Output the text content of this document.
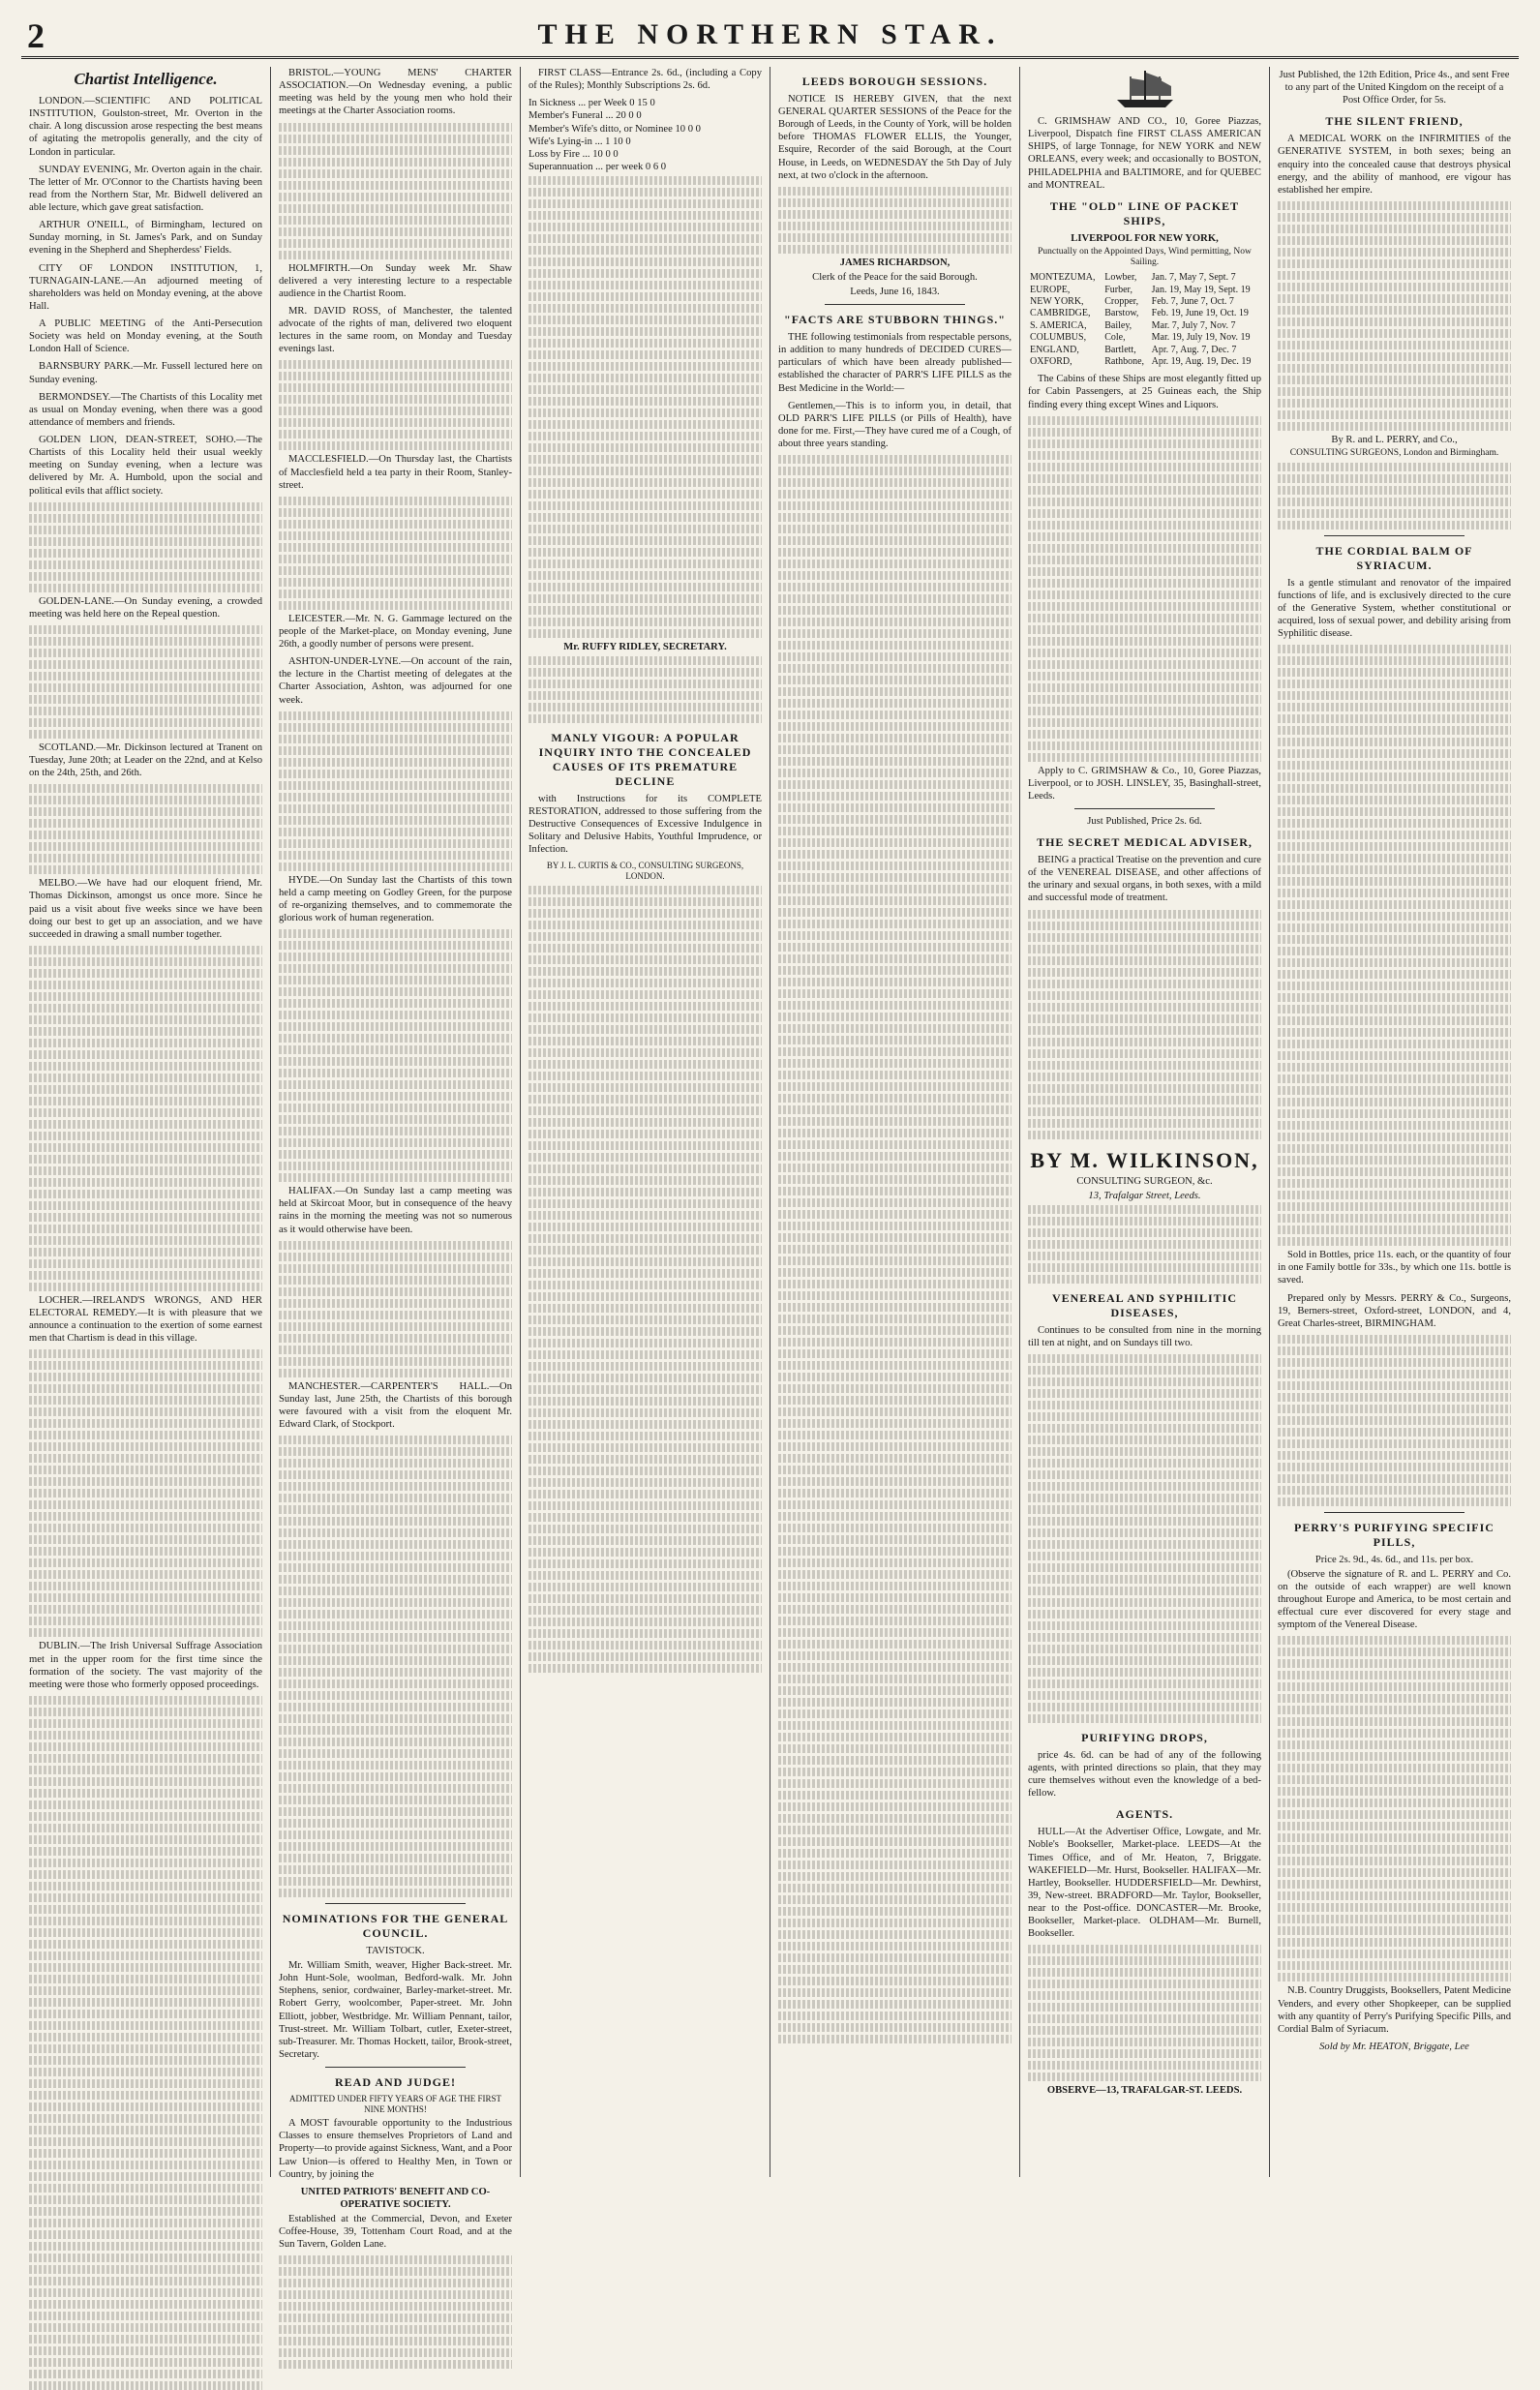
2	THE NORTHERN STAR.
Chartist Intelligence.

LONDON.—SCIENTIFIC AND POLITICAL INSTITUTION, Goulston-street, Mr. Overton in the chair. A long discussion arose respecting the best means of agitating the metropolis generally, and the city of London in particular.

SUNDAY EVENING, Mr. Overton again in the chair. The letter of Mr. O'Connor to the Chartists having been read from the Northern Star, Mr. Bidwell delivered an able lecture, which gave great satisfaction.

ARTHUR O'NEILL, of Birmingham, lectured on Sunday morning, in St. James's Park, and on Sunday evening in the Shepherd and Shepherdess' Fields.

CITY OF LONDON INSTITUTION, 1, TURNAGAIN-LANE.—An adjourned meeting of shareholders was held on Monday evening, at the above Hall.

A PUBLIC MEETING of the Anti-Persecution Society was held on Monday evening, at the South London Hall of Science.

BARNSBURY PARK.—Mr. Fussell lectured here on Sunday evening.

BERMONDSEY.—The Chartists of this Locality met as usual on Monday evening, when there was a good attendance of members and friends.

GOLDEN LION, DEAN-STREET, SOHO.—The Chartists of this Locality held their usual weekly meeting on Sunday evening, when a lecture was delivered by Mr. A. Humbold, upon the social and political evils that afflict society.

GOLDEN-LANE.—On Sunday evening, a crowded meeting was held here on the Repeal question.

SCOTLAND.—Mr. Dickinson lectured at Tranent on Tuesday, June 20th; at Leader on the 22nd, and at Kelso on the 24th, 25th, and 26th.

MELBO.—We have had our eloquent friend, Mr. Thomas Dickinson, amongst us once more. Since he paid us a visit about five weeks since we have been doing our best to get up an association, and we have succeeded in drawing a small number together.

LOCHER.—IRELAND'S WRONGS, AND HER ELECTORAL REMEDY.—It is with pleasure that we announce a continuation to the exertion of some earnest men that Chartism is dead in this village.

DUBLIN.—The Irish Universal Suffrage Association met in the upper room for the first time since the formation of the society. The vast majority of the meeting were those who formerly opposed proceedings.

BRISTOL.—YOUNG MENS' CHARTER ASSOCIATION.—On Wednesday evening, a public meeting was held by the young men who hold their meetings at the Charter Association rooms.

HOLMFIRTH.—On Sunday week Mr. Shaw delivered a very interesting lecture to a respectable audience in the Chartist Room.

MR. DAVID ROSS, of Manchester, the talented advocate of the rights of man, delivered two eloquent lectures in the same room, on Monday and Tuesday evenings last.

MACCLESFIELD.—On Thursday last, the Chartists of Macclesfield held a tea party in their Room, Stanley-street.

LEICESTER.—Mr. N. G. Gammage lectured on the people of the Market-place, on Monday evening, June 26th, a goodly number of persons were present.

ASHTON-UNDER-LYNE.—On account of the rain, the lecture in the Chartist meeting of delegates at the Charter Association, Ashton, was adjourned for one week.

HYDE.—On Sunday last the Chartists of this town held a camp meeting on Godley Green, for the purpose of re-organizing themselves, and to commemorate the glorious work of human regeneration.

HALIFAX.—On Sunday last a camp meeting was held at Skircoat Moor, but in consequence of the heavy rains in the morning the meeting was not so numerous as it would otherwise have been.

MANCHESTER.—CARPENTER'S HALL.—On Sunday last, June 25th, the Chartists of this borough were favoured with a visit from the eloquent Mr. Edward Clark, of Stockport.

NOMINATIONS FOR THE GENERAL COUNCIL.
TAVISTOCK.

Mr. William Smith, weaver, Higher Back-street. Mr. John Hunt-Sole, woolman, Bedford-walk. Mr. John Stephens, senior, cordwainer, Barley-market-street. Mr. Robert Gerry, woolcomber, Paper-street. Mr. John Elliott, jobber, Westbridge. Mr. William Pennant, tailor, Trust-street. Mr. William Tolbart, cutler, Exeter-street, sub-Treasurer. Mr. Thomas Hockett, tailor, Brook-street, Secretary.

READ AND JUDGE!
ADMITTED UNDER FIFTY YEARS OF AGE THE FIRST NINE MONTHS!

A MOST favourable opportunity to the Industrious Classes to ensure themselves Proprietors of Land and Property—to provide against Sickness, Want, and a Poor Law Union—is offered to Healthy Men, in Town or Country, by joining the

UNITED PATRIOTS' BENEFIT AND CO-OPERATIVE SOCIETY.

Established at the Commercial, Devon, and Exeter Coffee-House, 39, Tottenham Court Road, and at the Sun Tavern, Golden Lane.

FIRST CLASS—Entrance 2s. 6d., (including a Copy of the Rules); Monthly Subscriptions 2s. 6d.

In Sickness ... per Week 0 15 0
Member's Funeral ... 20 0 0
Member's Wife's ditto, or Nominee 10 0 0
Wife's Lying-in ... 1 10 0
Loss by Fire ... 10 0 0
Superannuation ... per week 0 6 0
Mr. RUFFY RIDLEY, SECRETARY.
MANLY VIGOUR: A POPULAR INQUIRY INTO THE CONCEALED CAUSES OF ITS PREMATURE DECLINE

with Instructions for its COMPLETE RESTORATION, addressed to those suffering from the Destructive Consequences of Excessive Indulgence in Solitary and Delusive Habits, Youthful Imprudence, or Infection.

BY J. L. CURTIS & CO., CONSULTING SURGEONS, LONDON.
LEEDS BOROUGH SESSIONS.

NOTICE IS HEREBY GIVEN, that the next GENERAL QUARTER SESSIONS of the Peace for the Borough of Leeds, in the County of York, will be holden before THOMAS FLOWER ELLIS, the Younger, Esquire, Recorder of the said Borough, at the Court House, in Leeds, on WEDNESDAY the 5th Day of July next, at two o'clock in the afternoon.

JAMES RICHARDSON,
Clerk of the Peace for the said Borough.
Leeds, June 16, 1843.
"FACTS ARE STUBBORN THINGS."

THE following testimonials from respectable persons, in addition to many hundreds of DECIDED CURES—particulars of which have been already published—established the character of PARR'S LIFE PILLS as the Best Medicine in the World:—

Gentlemen,—This is to inform you, in detail, that OLD PARR'S LIFE PILLS (or Pills of Health), have done for me. First,—They have cured me of a Cough, of about three years standing.

C. GRIMSHAW AND CO., 10, Goree Piazzas, Liverpool, Dispatch fine FIRST CLASS AMERICAN SHIPS, of large Tonnage, for NEW YORK and NEW ORLEANS, every week; and occasionally to BOSTON, PHILADELPHIA and BALTIMORE, and for QUEBEC and MONTREAL.

THE "OLD" LINE OF PACKET SHIPS,
LIVERPOOL FOR NEW YORK,
Punctually on the Appointed Days, Wind permitting, Now Sailing.
MONTEZUMA,	Lowber,	Jan. 7, May 7, Sept. 7
EUROPE,	Furber,	Jan. 19, May 19, Sept. 19
NEW YORK,	Cropper,	Feb. 7, June 7, Oct. 7
CAMBRIDGE,	Barstow,	Feb. 19, June 19, Oct. 19
S. AMERICA,	Bailey,	Mar. 7, July 7, Nov. 7
COLUMBUS,	Cole,	Mar. 19, July 19, Nov. 19
ENGLAND,	Bartlett,	Apr. 7, Aug. 7, Dec. 7
OXFORD,	Rathbone,	Apr. 19, Aug. 19, Dec. 19

The Cabins of these Ships are most elegantly fitted up for Cabin Passengers, at 25 Guineas each, the Ship finding every thing except Wines and Liquors.

Apply to C. GRIMSHAW & Co., 10, Goree Piazzas, Liverpool, or to JOSH. LINSLEY, 35, Basinghall-street, Leeds.

Just Published, Price 2s. 6d.
THE SECRET MEDICAL ADVISER,

BEING a practical Treatise on the prevention and cure of the VENEREAL DISEASE, and other affections of the urinary and sexual organs, in both sexes, with a mild and successful mode of treatment.

BY M. WILKINSON,
CONSULTING SURGEON, &c.
13, Trafalgar Street, Leeds.
VENEREAL AND SYPHILITIC DISEASES,

Continues to be consulted from nine in the morning till ten at night, and on Sundays till two.

PURIFYING DROPS,

price 4s. 6d. can be had of any of the following agents, with printed directions so plain, that they may cure themselves without even the knowledge of a bed-fellow.

AGENTS.

HULL—At the Advertiser Office, Lowgate, and Mr. Noble's Bookseller, Market-place. LEEDS—At the Times Office, and of Mr. Heaton, 7, Briggate. WAKEFIELD—Mr. Hurst, Bookseller. HALIFAX—Mr. Hartley, Bookseller. HUDDERSFIELD—Mr. Dewhirst, 39, New-street. BRADFORD—Mr. Taylor, Bookseller, near to the Post-office. DONCASTER—Mr. Brooke, Bookseller, Market-place. OLDHAM—Mr. Burnell, Bookseller.

OBSERVE—13, TRAFALGAR-ST. LEEDS.
Just Published, the 12th Edition, Price 4s., and sent Free to any part of the United Kingdom on the receipt of a Post Office Order, for 5s.
THE SILENT FRIEND,

A MEDICAL WORK on the INFIRMITIES of the GENERATIVE SYSTEM, in both sexes; being an enquiry into the concealed cause that destroys physical energy, and the ability of manhood, ere vigour has established her empire.

By R. and L. PERRY, and Co.,
CONSULTING SURGEONS, London and Birmingham.
THE CORDIAL BALM OF SYRIACUM.

Is a gentle stimulant and renovator of the impaired functions of life, and is exclusively directed to the cure of the Generative System, whether constitutional or acquired, loss of sexual power, and debility arising from Syphilitic disease.

Sold in Bottles, price 11s. each, or the quantity of four in one Family bottle for 33s., by which one 11s. bottle is saved.

Prepared only by Messrs. PERRY & Co., Surgeons, 19, Berners-street, Oxford-street, LONDON, and 4, Great Charles-street, BIRMINGHAM.

PERRY'S PURIFYING SPECIFIC PILLS,
Price 2s. 9d., 4s. 6d., and 11s. per box.

(Observe the signature of R. and L. PERRY and Co. on the outside of each wrapper) are well known throughout Europe and America, to be most certain and effectual cure ever discovered for every stage and symptom of the Venereal Disease.

N.B. Country Druggists, Booksellers, Patent Medicine Venders, and every other Shopkeeper, can be supplied with any quantity of Perry's Purifying Specific Pills, and Cordial Balm of Syriacum.

Sold by Mr. HEATON, Briggate, Lee
